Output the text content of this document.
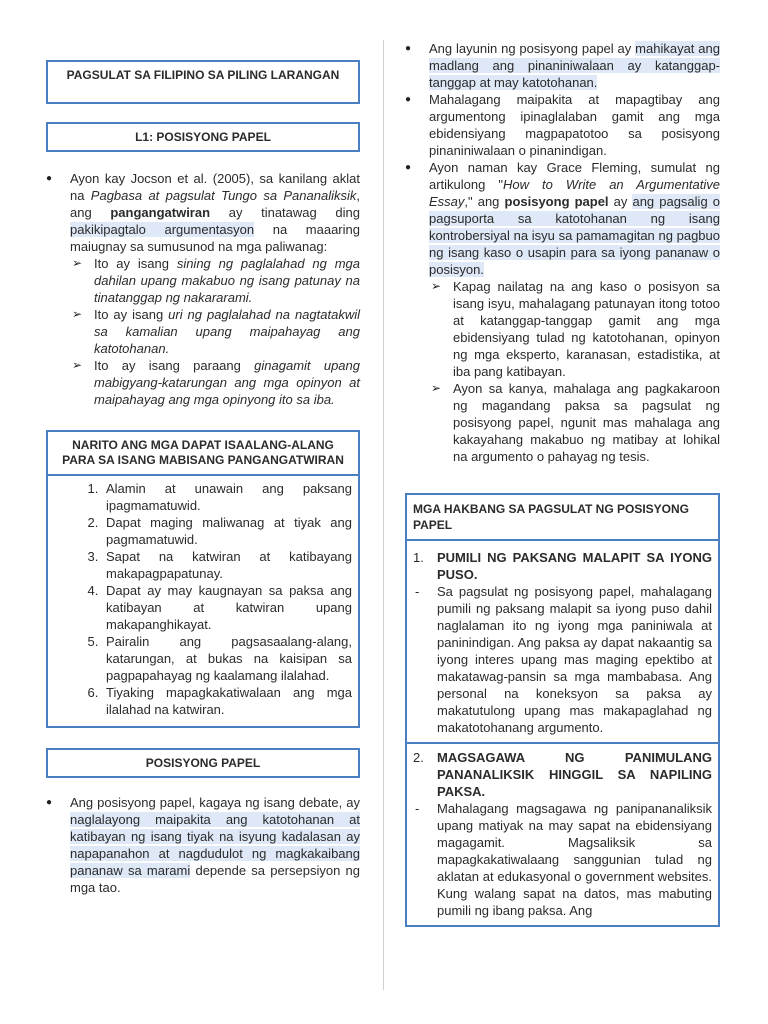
PAGSULAT SA FILIPINO SA PILING LARANGAN
L1: POSISYONG PAPEL
● Ayon kay Jocson et al. (2005), sa kanilang aklat na Pagbasa at pagsulat Tungo sa Pananaliksik, ang pangangatwiran ay tinatawag ding pakikipagtalo argumentasyon na maaaring maiugnay sa sumusunod na mga paliwanag:
➢ Ito ay isang sining ng paglalahad ng mga dahilan upang makabuo ng isang patunay na tinatanggap ng nakararami.
➢ Ito ay isang uri ng paglalahad na nagtatakwil sa kamalian upang maipahayag ang katotohanan.
➢ Ito ay isang paraang ginagamit upang mabigyang-katarungan ang mga opinyon at maipahayag ang mga opinyong ito sa iba.
NARITO ANG MGA DAPAT ISAALANG-ALANG PARA SA ISANG MABISANG PANGANGATWIRAN
1. Alamin at unawain ang paksang ipagmamatuwid.
2. Dapat maging maliwanag at tiyak ang pagmamatuwid.
3. Sapat na katwiran at katibayang makapagpapatunay.
4. Dapat ay may kaugnayan sa paksa ang katibayan at katwiran upang makapanghikayat.
5. Pairalin ang pagsasaalang-alang, katarungan, at bukas na kaisipan sa pagpapahayag ng kaalamang ilalahad.
6. Tiyaking mapagkakatiwalaan ang mga ilalahad na katwiran.
POSISYONG PAPEL
● Ang posisyong papel, kagaya ng isang debate, ay naglalayong maipakita ang katotohanan at katibayan ng isang tiyak na isyung kadalasan ay napapanahon at nagdudulot ng magkakaibang pananaw sa marami depende sa persepsiyon ng mga tao.
● Ang layunin ng posisyong papel ay mahikayat ang madlang ang pinaniniwalaan ay katanggap-tanggap at may katotohanan.
● Mahalagang maipakita at mapagtibay ang argumentong ipinaglalaban gamit ang mga ebidensiyang magpapatotoo sa posisyong pinaniniwalaan o pinanindigan.
● Ayon naman kay Grace Fleming, sumulat ng artikulong "How to Write an Argumentative Essay," ang posisyong papel ay ang pagsalig o pagsuporta sa katotohanan ng isang kontrobersiyal na isyu sa pamamagitan ng pagbuo ng isang kaso o usapin para sa iyong pananaw o posisyon.
➢ Kapag nailatag na ang kaso o posisyon sa isang isyu, mahalagang patunayan itong totoo at katanggap-tanggap gamit ang mga ebidensiyang tulad ng katotohanan, opinyon ng mga eksperto, karanasan, estadistika, at iba pang katibayan.
➢ Ayon sa kanya, mahalaga ang pagkakaroon ng magandang paksa sa pagsulat ng posisyong papel, ngunit mas mahalaga ang kakayahang makabuo ng matibay at lohikal na argumento o pahayag ng tesis.
MGA HAKBANG SA PAGSULAT NG POSISYONG PAPEL
1. PUMILI NG PAKSANG MALAPIT SA IYONG PUSO.
- Sa pagsulat ng posisyong papel, mahalagang pumili ng paksang malapit sa iyong puso dahil naglalaman ito ng iyong mga paniniwala at paninindigan. Ang paksa ay dapat nakaantig sa iyong interes upang mas maging epektibo at makatawag-pansin sa mga mambabasa. Ang personal na koneksyon sa paksa ay makatutulong upang mas makapaglahad ng makatotohanang argumento.
2. MAGSAGAWA NG PANIMULANG PANANALIKSIK HINGGIL SA NAPILING PAKSA.
- Mahalagang magsagawa ng panipananaliksik upang matiyak na may sapat na ebidensiyang magagamit. Magsaliksik sa mapagkakatiwalaang sanggunian tulad ng aklatan at edukasyonal o government websites. Kung walang sapat na datos, mas mabuting pumili ng ibang paksa. Ang
